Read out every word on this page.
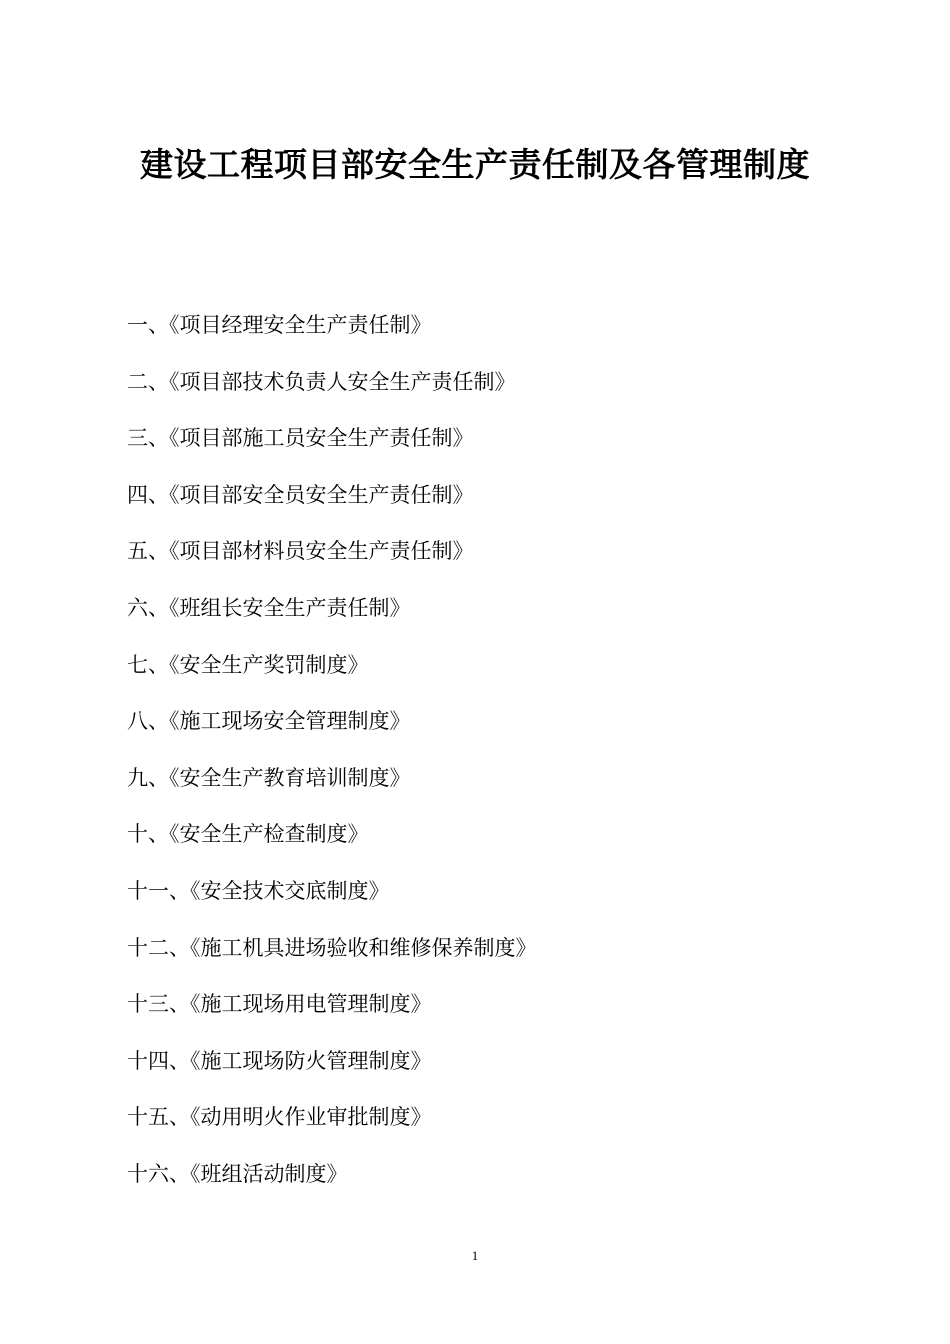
建设工程项目部安全生产责任制及各管理制度
一、《项目经理安全生产责任制》
二、《项目部技术负责人安全生产责任制》
三、《项目部施工员安全生产责任制》
四、《项目部安全员安全生产责任制》
五、《项目部材料员安全生产责任制》
六、《班组长安全生产责任制》
七、《安全生产奖罚制度》
八、《施工现场安全管理制度》
九、《安全生产教育培训制度》
十、《安全生产检查制度》
十一、《安全技术交底制度》
十二、《施工机具进场验收和维修保养制度》
十三、《施工现场用电管理制度》
十四、《施工现场防火管理制度》
十五、《动用明火作业审批制度》
十六、《班组活动制度》
1
